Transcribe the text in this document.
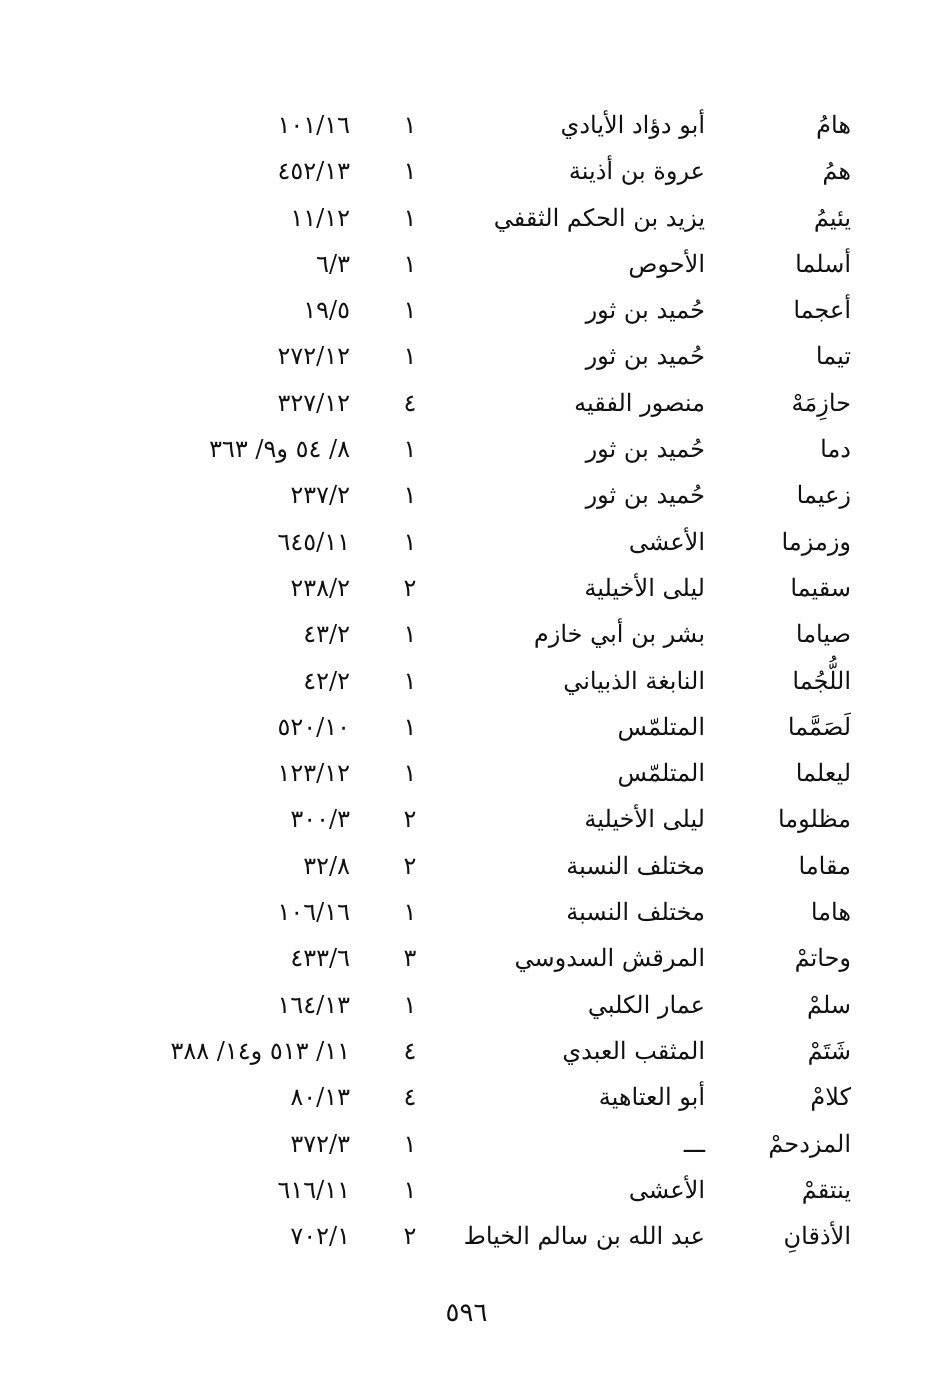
هامُ
أبو دؤاد الأيادي
١
١٠١/١٦
همُ
عروة بن أذينة
١
٤٥٢/١٣
يئيمُ
يزيد بن الحكم الثقفي
١
١١/١٢
أسلما
الأحوص
١
٦/٣
أعجما
حُميد بن ثور
١
١٩/٥
تيما
حُميد بن ثور
١
٢٧٢/١٢
حازِمَهْ
منصور الفقيه
٤
٣٢٧/١٢
دما
حُميد بن ثور
١
٨/ ٥٤ و٩/ ٣٦٣
زعيما
حُميد بن ثور
١
٢٣٧/٢
وزمزما
الأعشى
١
٦٤٥/١١
سقيما
ليلى الأخيلية
٢
٢٣٨/٢
صياما
بشر بن أبي خازم
١
٤٣/٢
اللُّجُما
النابغة الذبياني
١
٤٢/٢
لَصَمَّما
المتلمّس
١
٥٢٠/١٠
ليعلما
المتلمّس
١
١٢٣/١٢
مظلوما
ليلى الأخيلية
٢
٣٠٠/٣
مقاما
مختلف النسبة
٢
٣٢/٨
هاما
مختلف النسبة
١
١٠٦/١٦
وحاتمْ
المرقش السدوسي
٣
٤٣٣/٦
سلمْ
عمار الكلبي
١
١٦٤/١٣
شَتَمْ
المثقب العبدي
٤
١١/ ٥١٣ و١٤/ ٣٨٨
كلامْ
أبو العتاهية
٤
٨٠/١٣
المزدحمْ
ـــ
١
٣٧٢/٣
ينتقمْ
الأعشى
١
٦١٦/١١
الأذقانِ
عبد الله بن سالم الخياط
٢
٧٠٢/١
٥٩٦
